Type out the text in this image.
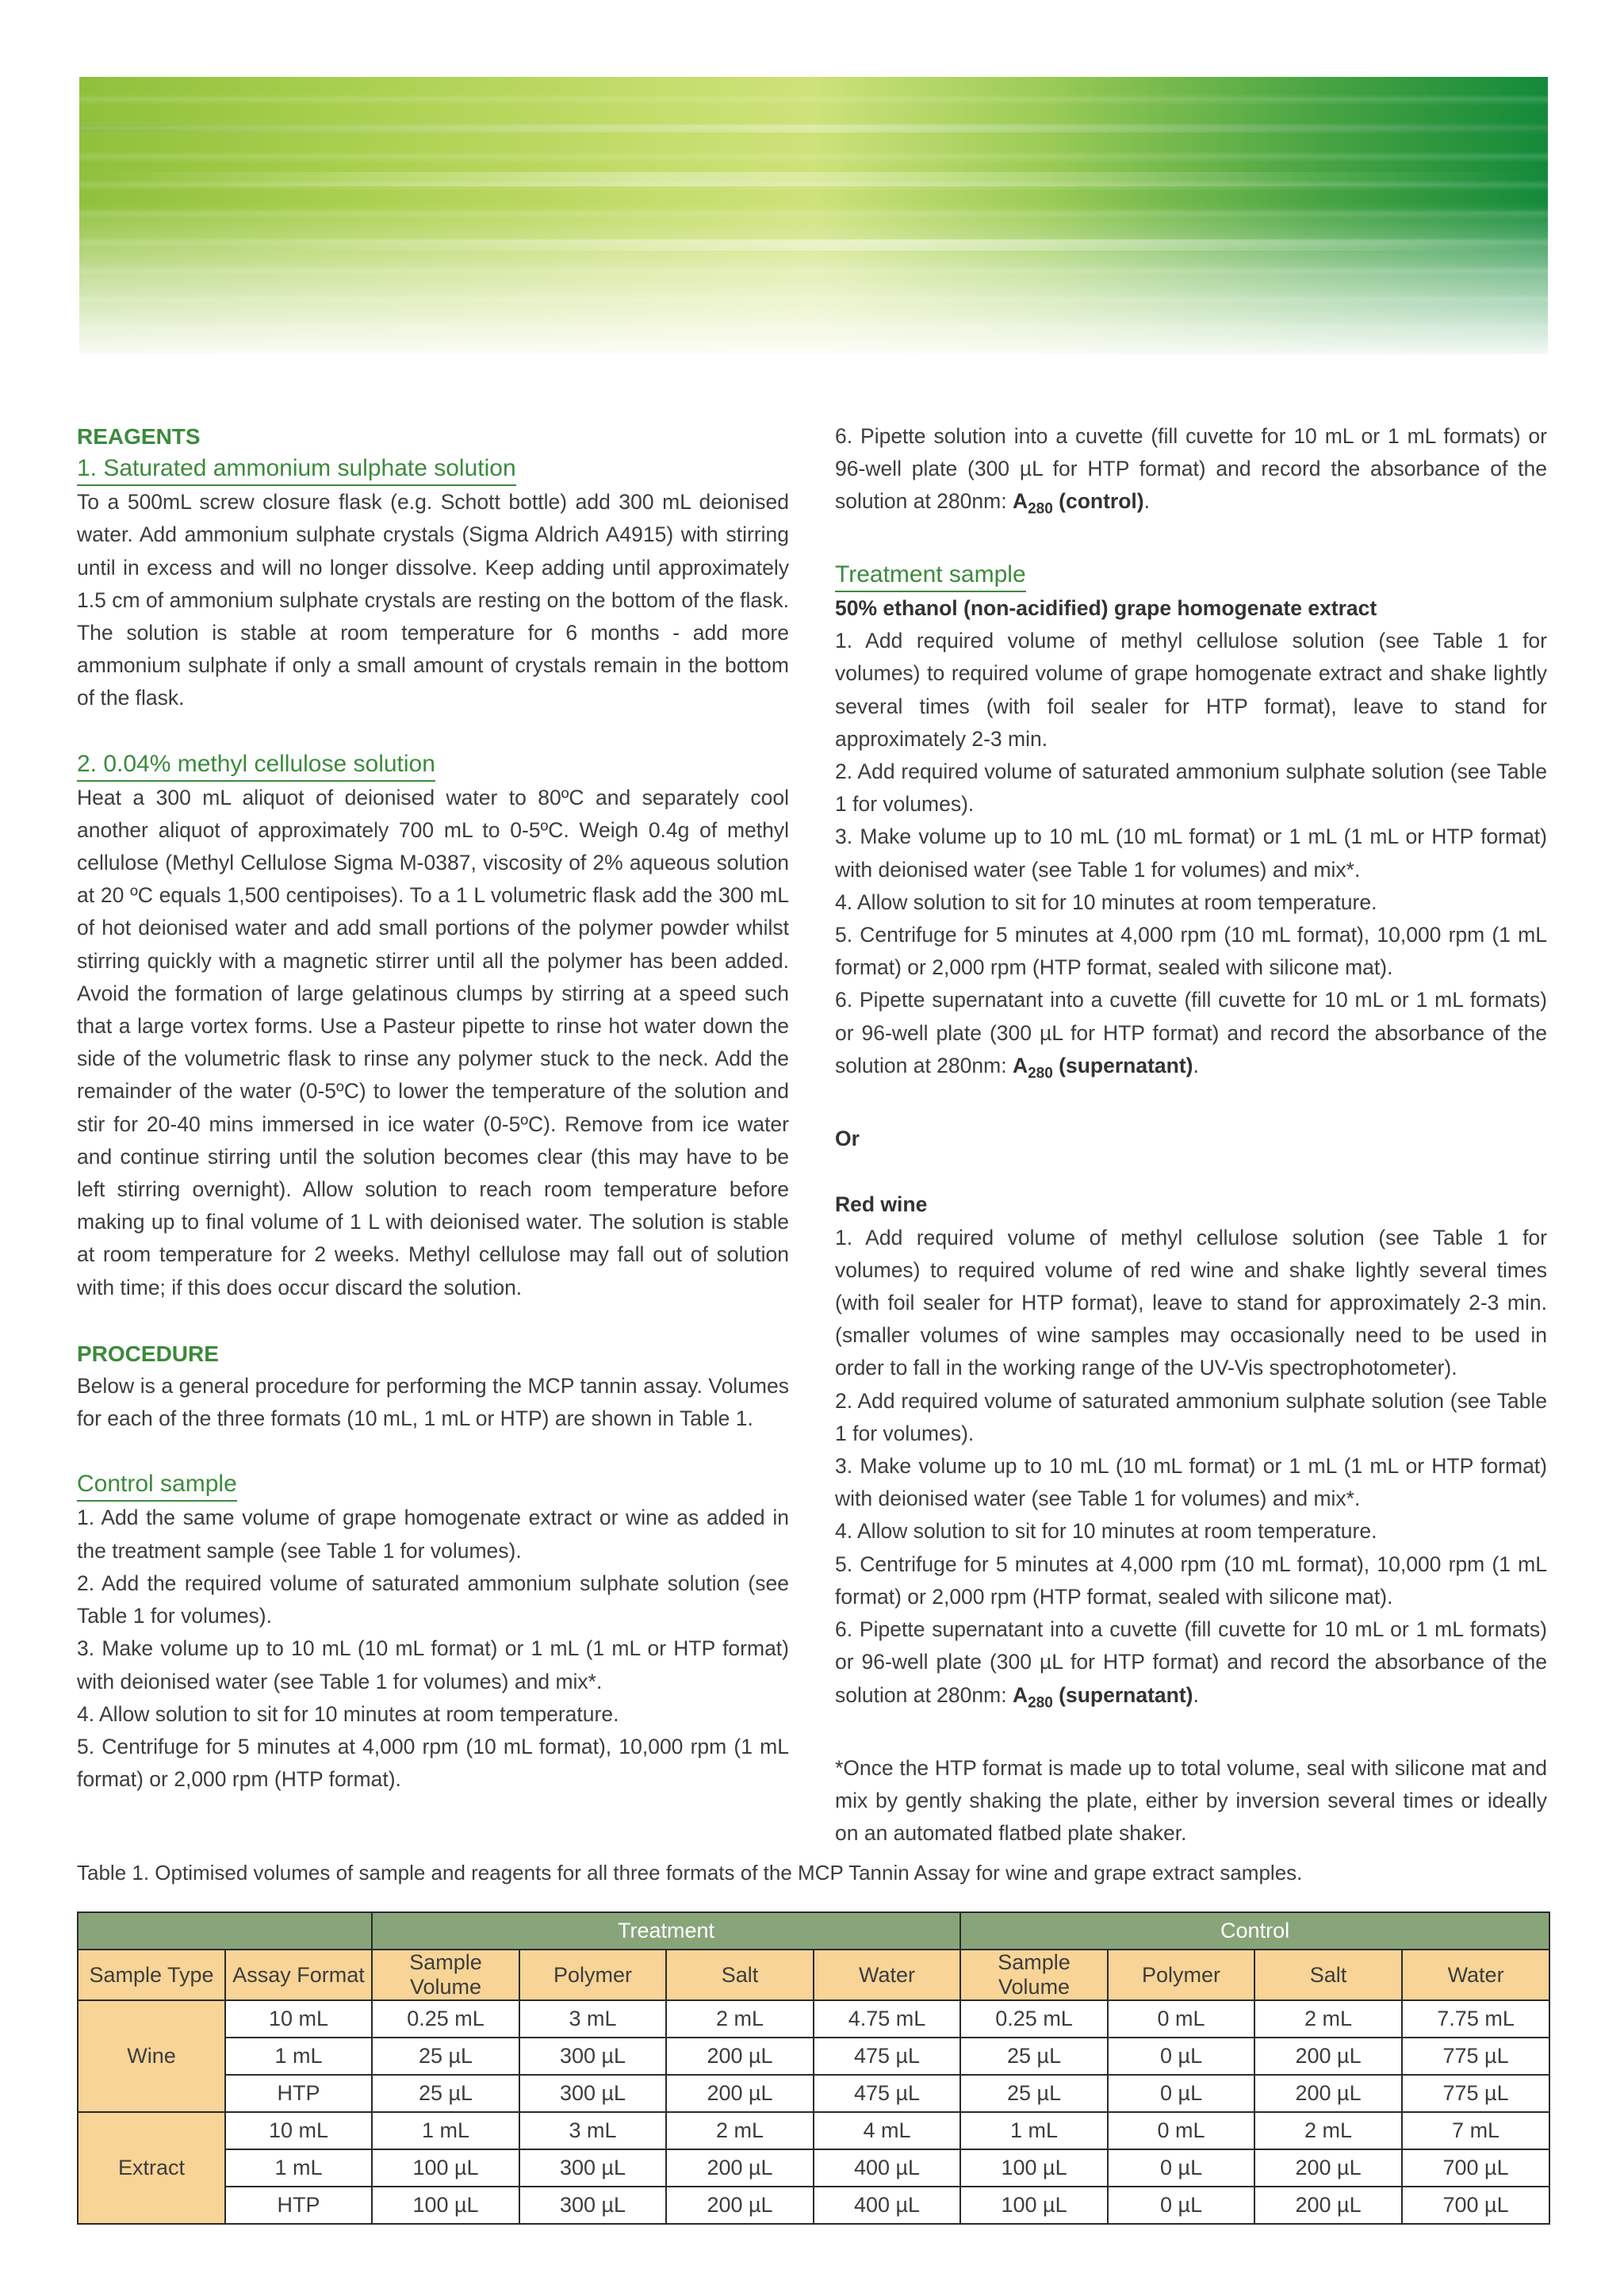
REAGENTS

1. Saturated ammonium sulphate solution

To a 500mL screw closure flask (e.g. Schott bottle) add 300 mL deionised water. Add ammonium sulphate crystals (Sigma Aldrich A4915) with stirring until in excess and will no longer dissolve. Keep adding until approximately 1.5 cm of ammonium sulphate crystals are resting on the bottom of the flask. The solution is stable at room temperature for 6 months - add more ammonium sulphate if only a small amount of crystals remain in the bottom of the flask.

2. 0.04% methyl cellulose solution

Heat a 300 mL aliquot of deionised water to 80ºC and separately cool another aliquot of approximately 700 mL to 0-5ºC. Weigh 0.4g of methyl cellulose (Methyl Cellulose Sigma M-0387, viscosity of 2% aqueous solution at 20 ºC equals 1,500 centipoises). To a 1 L volumetric flask add the 300 mL of hot deionised water and add small portions of the polymer powder whilst stirring quickly with a magnetic stirrer until all the polymer has been added. Avoid the formation of large gelatinous clumps by stirring at a speed such that a large vortex forms. Use a Pasteur pipette to rinse hot water down the side of the volumetric flask to rinse any polymer stuck to the neck. Add the remainder of the water (0-5ºC) to lower the temperature of the solution and stir for 20-40 mins immersed in ice water (0-5ºC). Remove from ice water and continue stirring until the solution becomes clear (this may have to be left stirring overnight). Allow solution to reach room temperature before making up to final volume of 1 L with deionised water. The solution is stable at room temperature for 2 weeks. Methyl cellulose may fall out of solution with time; if this does occur discard the solution.

PROCEDURE

Below is a general procedure for performing the MCP tannin assay. Volumes for each of the three formats (10 mL, 1 mL or HTP) are shown in Table 1.

Control sample

1. Add the same volume of grape homogenate extract or wine as added in the treatment sample (see Table 1 for volumes).

2. Add the required volume of saturated ammonium sulphate solution (see Table 1 for volumes).

3. Make volume up to 10 mL (10 mL format) or 1 mL (1 mL or HTP format) with deionised water (see Table 1 for volumes) and mix*.

4. Allow solution to sit for 10 minutes at room temperature.

5. Centrifuge for 5 minutes at 4,000 rpm (10 mL format), 10,000 rpm (1 mL format) or 2,000 rpm (HTP format).

6. Pipette solution into a cuvette (fill cuvette for 10 mL or 1 mL formats) or 96-well plate (300 µL for HTP format) and record the absorbance of the solution at 280nm: $A_{280}$ (control).

Treatment sample

50% ethanol (non-acidified) grape homogenate extract

1. Add required volume of methyl cellulose solution (see Table 1 for volumes) to required volume of grape homogenate extract and shake lightly several times (with foil sealer for HTP format), leave to stand for approximately 2-3 min.

2. Add required volume of saturated ammonium sulphate solution (see Table 1 for volumes).

3. Make volume up to 10 mL (10 mL format) or 1 mL (1 mL or HTP format) with deionised water (see Table 1 for volumes) and mix*.

4. Allow solution to sit for 10 minutes at room temperature.

5. Centrifuge for 5 minutes at 4,000 rpm (10 mL format), 10,000 rpm (1 mL format) or 2,000 rpm (HTP format, sealed with silicone mat).

6. Pipette supernatant into a cuvette (fill cuvette for 10 mL or 1 mL formats) or 96-well plate (300 µL for HTP format) and record the absorbance of the solution at 280nm: $A_{280}$ (supernatant).

Or

Red wine

1. Add required volume of methyl cellulose solution (see Table 1 for volumes) to required volume of red wine and shake lightly several times (with foil sealer for HTP format), leave to stand for approximately 2-3 min. (smaller volumes of wine samples may occasionally need to be used in order to fall in the working range of the UV-Vis spectrophotometer).

2. Add required volume of saturated ammonium sulphate solution (see Table 1 for volumes).

3. Make volume up to 10 mL (10 mL format) or 1 mL (1 mL or HTP format) with deionised water (see Table 1 for volumes) and mix*.

4. Allow solution to sit for 10 minutes at room temperature.

5. Centrifuge for 5 minutes at 4,000 rpm (10 mL format), 10,000 rpm (1 mL format) or 2,000 rpm (HTP format, sealed with silicone mat).

6. Pipette supernatant into a cuvette (fill cuvette for 10 mL or 1 mL formats) or 96-well plate (300 µL for HTP format) and record the absorbance of the solution at 280nm: $A_{280}$ (supernatant).

*Once the HTP format is made up to total volume, seal with silicone mat and mix by gently shaking the plate, either by inversion several times or ideally on an automated flatbed plate shaker.

Table 1. Optimised volumes of sample and reagents for all three formats of the MCP Tannin Assay for wine and grape extract samples.
		Treatment				Control			
Sample Type	Assay Format	Sample Volume	Polymer	Salt	Water	Sample Volume	Polymer	Salt	Water
Wine	10 mL	0.25 mL	3 mL	2 mL	4.75 mL	0.25 mL	0 mL	2 mL	7.75 mL
	1 mL	25 µL	300 µL	200 µL	475 µL	25 µL	0 µL	200 µL	775 µL
	HTP	25 µL	300 µL	200 µL	475 µL	25 µL	0 µL	200 µL	775 µL
Extract	10 mL	1 mL	3 mL	2 mL	4 mL	1 mL	0 mL	2 mL	7 mL
	1 mL	100 µL	300 µL	200 µL	400 µL	100 µL	0 µL	200 µL	700 µL
	HTP	100 µL	300 µL	200 µL	400 µL	100 µL	0 µL	200 µL	700 µL
